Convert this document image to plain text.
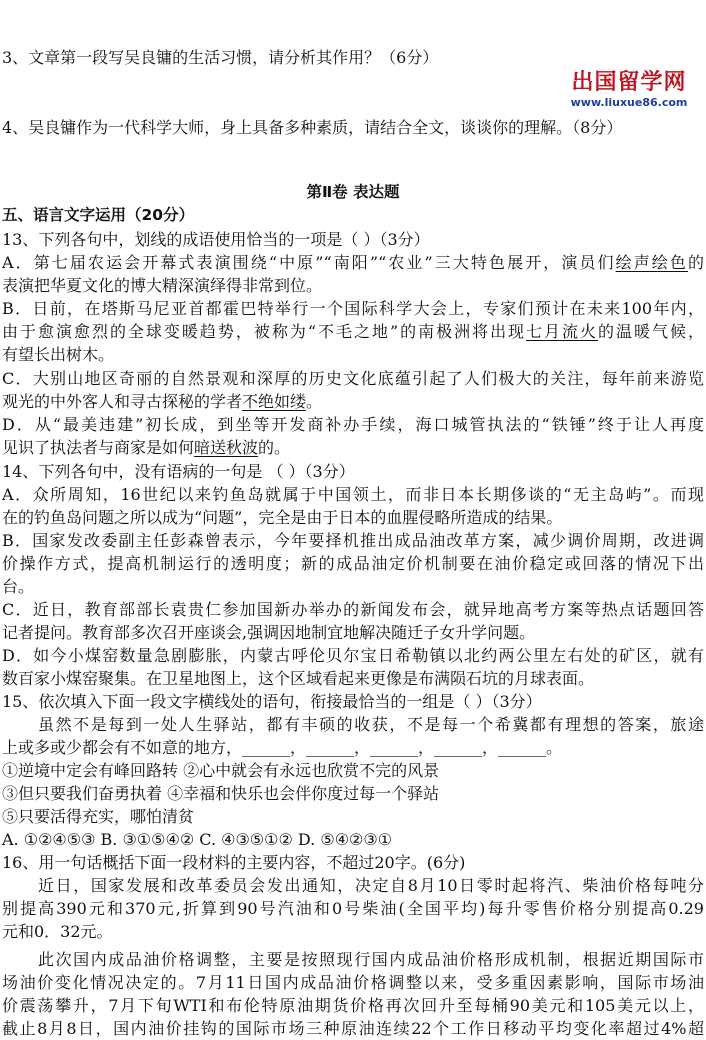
3、文章第一段写吴良镛的生活习惯，请分析其作用？（6分）
4、吴良镛作为一代科学大师，身上具备多种素质，请结合全文，谈谈你的理解。（8分）
第Ⅱ卷 表达题
五、语言文字运用（20分）
13、下列各句中，划线的成语使用恰当的一项是（ ）（3分）
A．第七届农运会开幕式表演围绕“中原”“南阳”“农业”三大特色展开，演员们绘声绘色的
表演把华夏文化的博大精深演绎得非常到位。
B．日前，在塔斯马尼亚首都霍巴特举行一个国际科学大会上，专家们预计在未来100年内，
由于愈演愈烈的全球变暖趋势，被称为“不毛之地”的南极洲将出现七月流火的温暖气候，
有望长出树木。
C．大别山地区奇丽的自然景观和深厚的历史文化底蕴引起了人们极大的关注，每年前来游览
观光的中外客人和寻古探秘的学者不绝如缕。
D．从“最美违建”初长成，到坐等开发商补办手续，海口城管执法的“铁锤”终于让人再度
见识了执法者与商家是如何暗送秋波的。
14、下列各句中，没有语病的一句是 （ ）（3分）
A．众所周知，16世纪以来钓鱼岛就属于中国领土，而非日本长期侈谈的“无主岛屿”。而现
在的钓鱼岛问题之所以成为“问题”，完全是由于日本的血腥侵略所造成的结果。
B．国家发改委副主任彭森曾表示，今年要择机推出成品油改革方案，减少调价周期，改进调
价操作方式，提高机制运行的透明度；新的成品油定价机制要在油价稳定或回落的情况下出
台。
C．近日，教育部部长袁贵仁参加国新办举办的新闻发布会，就异地高考方案等热点话题回答
记者提问。教育部多次召开座谈会,强调因地制宜地解决随迁子女升学问题。
D．如今小煤窑数量急剧膨胀，内蒙古呼伦贝尔宝日希勒镇以北约两公里左右处的矿区，就有
数百家小煤窑聚集。在卫星地图上，这个区域看起来更像是布满陨石坑的月球表面。
15、依次填入下面一段文字横线处的语句，衔接最恰当的一组是（ ）（3分）
虽然不是每到一处人生驿站，都有丰硕的收获，不是每一个希冀都有理想的答案，旅途
上或多或少都会有不如意的地方，______，______，______，______，______。
①逆境中定会有峰回路转 ②心中就会有永远也欣赏不完的风景
③但只要我们奋勇执着 ④幸福和快乐也会伴你度过每一个驿站
⑤只要活得充实，哪怕清贫
A. ①②④⑤③ B. ③①⑤④② C. ④③⑤①② D. ⑤④②③①
16、用一句话概括下面一段材料的主要内容，不超过20字。(6分)
近日，国家发展和改革委员会发出通知，决定自8月10日零时起将汽、柴油价格每吨分
别提高390元和370元,折算到90号汽油和0号柴油(全国平均)每升零售价格分别提高0.29
元和0．32元。
此次国内成品油价格调整，主要是按照现行国内成品油价格形成机制，根据近期国际市
场油价变化情况决定的。7月11日国内成品油价格调整以来，受多重因素影响，国际市场油
价震荡攀升，7月下旬WTI和布伦特原油期货价格再次回升至每桶90美元和105美元以上，
截止8月8日，国内油价挂钩的国际市场三种原油连续22个工作日移动平均变化率超过4%超
出国留学网
www.liuxue86.com
